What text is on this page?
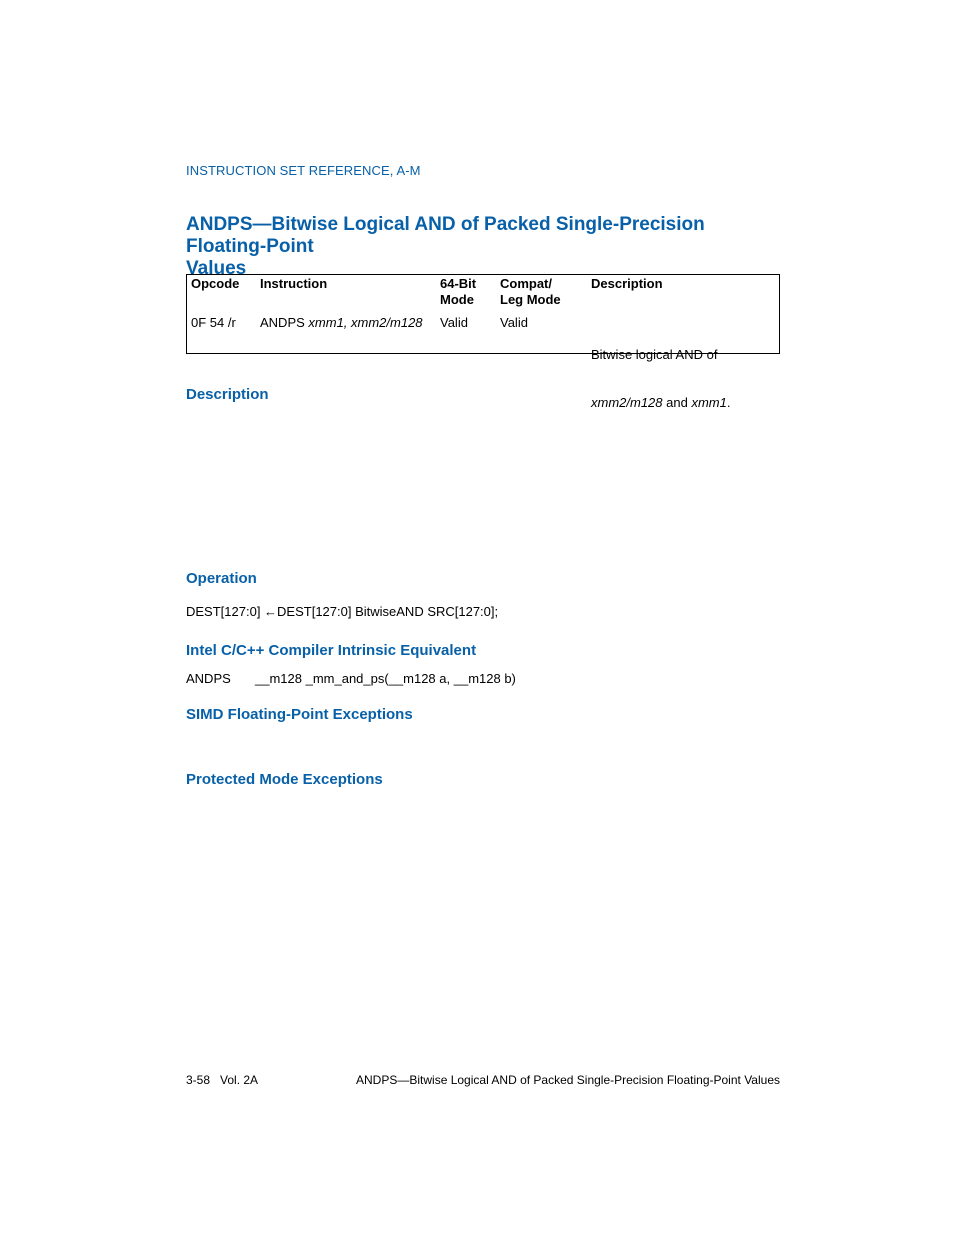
INSTRUCTION SET REFERENCE, A-M
ANDPS—Bitwise Logical AND of Packed Single-Precision Floating-Point
Values
Opcode Instruction	64-Bit
Mode
Compat/
Leg Mode
Description
0F 54 /r ANDPS xmm1, xmm2/m128 Valid Valid

Bitwise logical AND of

xmm2/m128 and xmm1.

Description
Operation
DEST[127:0] ←DEST[127:0] BitwiseAND SRC[127:0];
Intel C/C++ Compiler Intrinsic Equivalent
ANDPS __m128 _mm_and_ps(__m128 a, __m128 b)
SIMD Floating-Point Exceptions
Protected Mode Exceptions
3-58   Vol. 2A	ANDPS—Bitwise Logical AND of Packed Single-Precision Floating-Point Values
